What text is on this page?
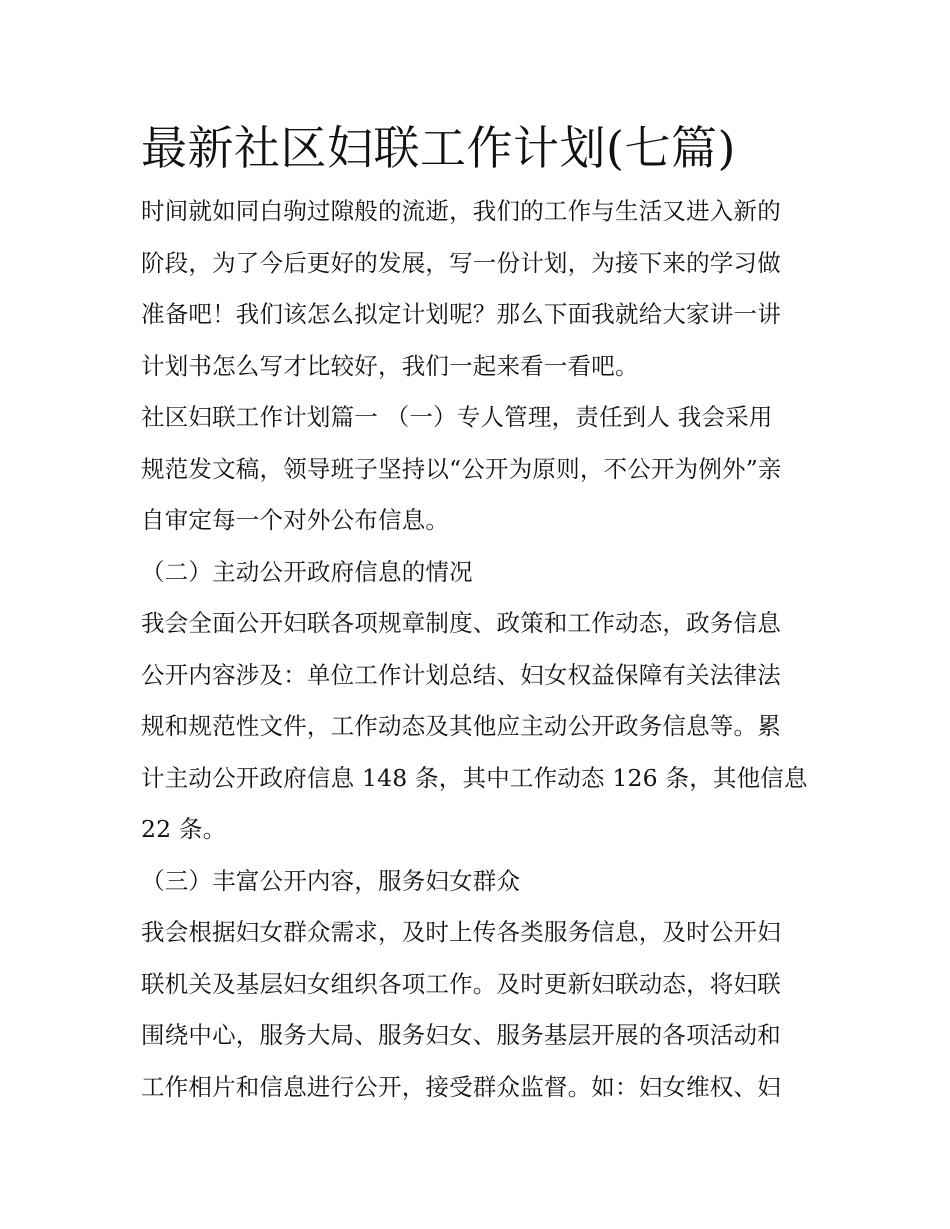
最新社区妇联工作计划(七篇)

时间就如同白驹过隙般的流逝，我们的工作与生活又进入新的
阶段，为了今后更好的发展，写一份计划，为接下来的学习做
准备吧！我们该怎么拟定计划呢？那么下面我就给大家讲一讲
计划书怎么写才比较好，我们一起来看一看吧。

社区妇联工作计划篇一 （一）专人管理，责任到人 我会采用
规范发文稿，领导班子坚持以“公开为原则，不公开为例外”亲
自审定每一个对外公布信息。

（二）主动公开政府信息的情况

我会全面公开妇联各项规章制度、政策和工作动态，政务信息
公开内容涉及：单位工作计划总结、妇女权益保障有关法律法
规和规范性文件，工作动态及其他应主动公开政务信息等。累
计主动公开政府信息 148 条，其中工作动态 126 条，其他信息
22 条。

（三）丰富公开内容，服务妇女群众

我会根据妇女群众需求，及时上传各类服务信息，及时公开妇
联机关及基层妇女组织各项工作。及时更新妇联动态，将妇联
围绕中心，服务大局、服务妇女、服务基层开展的各项活动和
工作相片和信息进行公开，接受群众监督。如：妇女维权、妇
